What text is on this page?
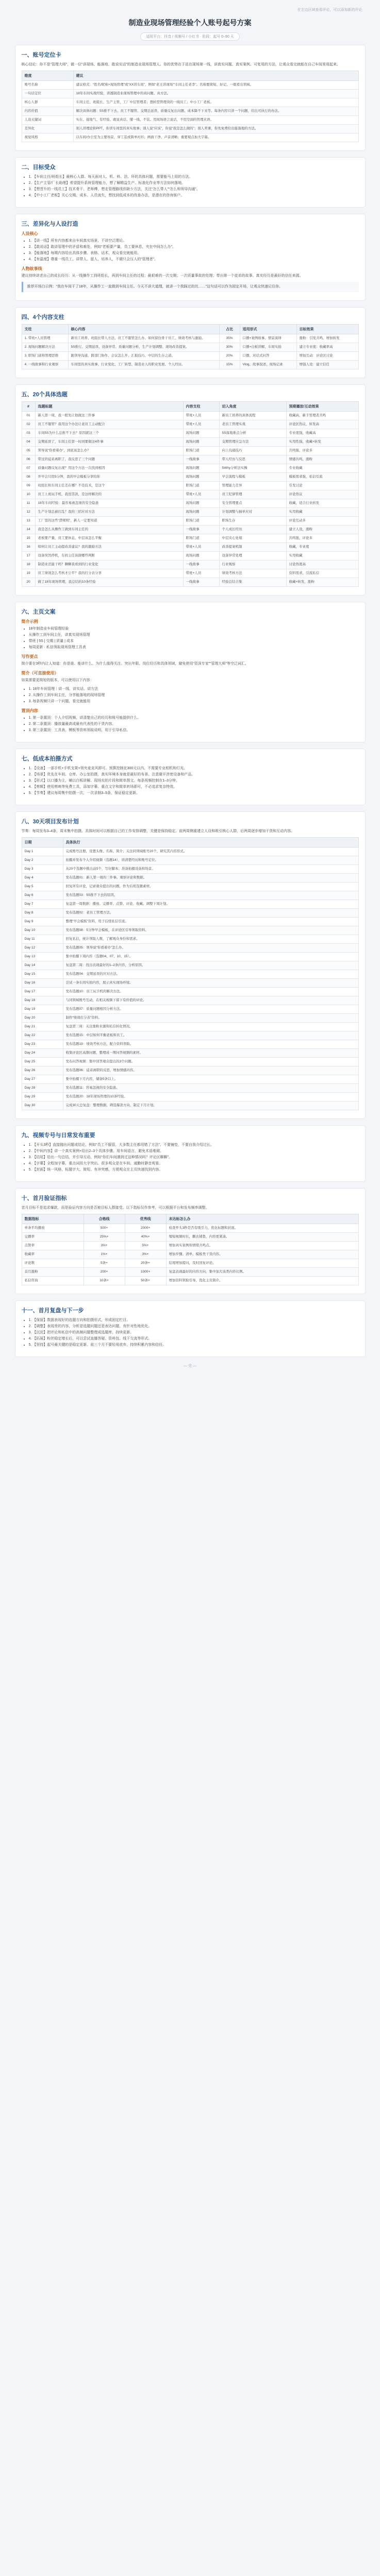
在左边区域查看评论，可以添加新的评论
制造业现场管理经验个人账号起号方案
适用平台：抖音 / 视频号 / 小红书 · 阶段：起号 0–90 天
一、账号定位卡

核心结论：你不是“管理大师”，做一位“讲现场、能落地、敢说实话”的制造业现场管理人。你的优势在于站在现场第一线，讲真实问题、真实案例、可复用的方法，让观众看完就能在自己车间里用起来。

维度	建议
账号名称	建议格式：“姓名/昵称+现场管理”或“XX讲车间”，例如“老王讲现场”“车间主任老李”。名称要简短、好记、一眼看出领域。
一句话定位	18年车间实战经验，讲透制造业现场管理中的真问题、真方法。
核心人群	车间主任、班组长、生产主管、工厂中层管理者；想转型管理岗的一线员工；中小工厂老板。
内容价值	解决具体问题：5S推不下去、员工不服管、交期总延误、质量反复出问题、成本降不下来等。每条内容只讲一个问题，给出可执行的办法。
人设关键词	实在、接地气、有经验、敢说真话、懂一线、不装。用现场语言说话，不用空洞的管理术语。
差异化	别人讲理论和PPT，你讲车间里的真实故事；别人说“应该”，你说“我是怎么做的”；别人卖课，你先免费给出能落地的方法。
视觉风格	以车间/办公室为主要场景，穿工装或简单衬衫；画面干净、声音清晰；重要观点加大字幕。
二、目标受众
• 1. 【车间主任/班组长】最核心人群。每天面对人、机、料、法、环的具体问题，需要能马上用的方法。
• 2. 【生产主管/厂长助理】希望提升系统管理能力，想了解精益生产、标准化作业等方法如何落地。
• 3. 【想晋升的一线员工】技术骨干、老师傅，想走管理路线但缺少方法，关注“怎么带人”“怎么和领导沟通”。
• 4. 【中小工厂老板】关心交期、成本、人员流失，想找到低成本的改善办法，是潜在的咨询客户。
三、差异化与人设打造
人设核心
• 1. 【讲一线】所有内容都来自车间真实场景，不讲空泛理论。
• 2. 【敢说话】敢讲管理中的矛盾和难处，例如“老板要产量，员工要休息，夹在中间怎么办”。
• 3. 【能落地】每期内容给出具体步骤、表格、话术，观众看完就能用。
• 4. 【有温度】尊重一线员工，讲带人、留人、培养人，不做只会压人的“管理者”。
人物故事线

建议持续讲述自己的成长经历：从一线操作工到班组长，再到车间主任的过程；最艰难的一次交期；一次质量事故的处理；带出第一个徒弟的故事。真实经历是最好的信任来源。

推荐开场白示例：“我在车间干了18年，从操作工一直做到车间主任。今天不讲大道理，就讲一个我踩过的坑……”这句话可以作为固定开场，让观众快速记住你。

四、4个内容支柱
支柱	核心内容	占比	适用形式	目标效果
1. 带班+人员管理	新员工培养、班组长带人方法、员工不服管怎么办、如何留住骨干员工、绩效考核与激励。	35%	口播+案例故事、情景演绎	涨粉：引发共鸣，增加转发
2. 现场问题解决方法	5S推行、交期延误、设备异常、质量问题分析、生产计划调整、现场改善提案。	30%	口播+白板讲解、车间实拍	建立专业度：收藏率高
3. 职场门道和管理思维	跟领导沟通、跨部门协作、会议怎么开、汇报技巧、中层的生存之道。	20%	口播、对话式问答	增加互动：评论区讨论
4. 一线故事和行业观察	车间里的真实故事、行业变化、工厂转型、制造业人的职业发展、个人经历。	15%	Vlog、故事叙述、现场记录	增强人设：建立信任
五、20个具体选题
#	选题标题	内容支柱	切入角度	预期播放/互动效果
01	新人第一周，我一般先让他做这三件事	带班+人员	新员工培养的具体流程	收藏高，新手管理者共鸣
02	员工不服管？我用这个办法让老员工主动配合	带班+人员	老员工管理实战	评论区热议，转发高
03	车间5S为什么总推不下去？原因就这三个	现场问题	5S落地难点分析	专业度强，收藏高
04	交期延误了，车间主任第一时间要做这4件事	现场问题	交期管理应急方法	实用性强，收藏+转发
05	领导说“你看着办”，到底该怎么办？	职场门道	向上沟通技巧	共鸣强，评论多
06	带过的徒弟离职了，我反思了三个问题	一线故事	带人经历与反思	情感共鸣，涨粉
07	质量问题反复出现？用这个方法一次找到根因	现场问题	5Why分析法实操	专业收藏
08	开早会只用5分钟，我的早会模板分享给你	现场问题	早会流程与模板	模板需求强，私信引流
09	班组长和车间主任差在哪？不是技术，是这个	职场门道	管理能力差异	引发讨论
10	员工上班玩手机，我没罚款，是这样解决的	带班+人员	员工纪律管理	评论热议
11	18年车间经验：最容易被忽视的安全隐患	现场问题	安全管理要点	收藏，适合行业转发
12	生产计划总被打乱？我的三招应对方法	现场问题	计划调整与插单应对	实用收藏
13	工厂里的这些“潜规则”，新人一定要知道	职场门道	职场生存	评论互动多
14	我是怎么从操作工做到车间主任的	一线故事	个人成长经历	建立人设，涨粉
15	老板要产量，员工要休息，中层该怎么平衡	职场门道	中层夹心处境	共鸣强，评论多
16	如何让员工主动提改善建议？我的激励方法	带班+人员	改善提案机制	收藏，专业度
17	设备突然停机，车间主任该做哪些判断	现场问题	设备异常处理	实用收藏
18	制造业还能干吗？聊聊我看到的行业变化	一线故事	行业观察	讨论热度高
19	员工绩效怎么考核才公平？我的打分表分享	带班+人员	绩效考核方法	资料需求，引流私信
20	做了18年现场管理，我总结的10条经验	一线故事	经验总结合集	收藏+转发，涨粉
六、主页文案
简介示例
• 18年制造业车间管理经验
• 从操作工到车间主任，讲真实现场管理
• 带班 | 5S | 交期 | 质量 | 成本
• 每周更新 · 私信领取现场管理工具表
写作要点

简介要在3秒内让人知道：你是谁、能讲什么、为什么值得关注。突出年限、岗位经历和具体领域，避免使用“资深专家”“管理大师”等空泛词汇。

简介（可直接使用）

如果需要更简短的版本，可以使用以下内容：

• 1. 18年车间管理｜讲一线、讲实话、讲方法
• 2. 从操作工到车间主任，分享能落地的现场管理
• 3. 每条视频只讲一个问题，看完就能用
置顶内容
• 1. 第一条置顶：个人介绍视频，讲清楚自己的经历和账号能提供什么。
• 2. 第二条置顶：播放量最高或最有代表性的干货内容。
• 3. 第三条置顶：工具表、模板等资料领取说明，用于引导私信。
七、低成本拍摄方式
• 1. 【设备】一部手机+手机支架+领夹麦克风即可。预算控制在300元以内，不需要专业相机和灯光。
• 2. 【场景】优先在车间、仓库、办公室拍摄，真实环境本身就是最好的布景。注意避开涉密设备和产品。
• 3. 【形式】以口播为主，辅以白板讲解、现场实拍片段和简单图文。每条视频控制在1–3分钟。
• 4. 【剪辑】使用剪映等免费工具，添加字幕、重点文字和简单转场即可，不必追求复杂特效。
• 5. 【节奏】建议每周集中拍摄一次，一次录制3–5条，保证稳定更新。
八、30天项目发布计划

节奏：每周发布3–4条，周末集中拍摄。具体时间可以根据自己的工作安排调整，关键是保持稳定。前两周侧重建立人设和吸引核心人群，后两周逐步增加干货和互动内容。

日期	具体执行
Day 1	完成账号注册，设置头像、名称、简介；关注同领域账号20个，研究其内容形式。
Day 2	拍摄并发布个人介绍视频（选题14），讲清楚经历和账号定位。
Day 3	从20个选题中挑出前5个，写好脚本；准备拍摄设备和场景。
Day 4	发布选题01：新人第一周的三件事。观察评论和数据。
Day 5	回复所有评论，记录观众提出的问题，作为后续选题素材。
Day 6	发布选题03：5S推不下去的原因。
Day 7	复盘第一周数据：播放、完播率、点赞、评论、收藏。调整下周计划。
Day 8	发布选题02：老员工管理方法。
Day 9	整理“早会模板”资料，用于后续私信引流。
Day 10	发布选题08：5分钟早会模板，在评论区引导领取资料。
Day 11	回复私信，统计领取人数，了解观众身份和需求。
Day 12	发布选题05：领导说“你看着办”怎么办。
Day 13	集中拍摄下周内容（选题04、07、10、15）。
Day 14	复盘第二周：找出表现最好的1–2条内容，分析原因。
Day 15	发布选题04：交期延误的应对方法。
Day 16	尝试一条车间实拍内容，展示真实现场环境。
Day 17	发布选题10：员工玩手机的解决方法。
Day 18	与同领域账号互动，在相关视频下留下有价值的评论。
Day 19	发布选题07：质量问题根因分析方法。
Day 20	制作“绩效打分表”资料。
Day 21	复盘第三周：关注涨粉来源和私信转化情况。
Day 22	发布选题15：中层如何平衡老板和员工。
Day 23	发布选题19：绩效考核方法，配合资料领取。
Day 24	收集评论区高频问题，整理成一期问答视频的素材。
Day 25	发布问答视频：集中回答观众提出的3个问题。
Day 26	发布选题06：徒弟离职的反思，增加情感内容。
Day 27	集中拍摄下月内容，储备5条以上。
Day 28	发布选题11：容易忽视的安全隐患。
Day 29	发布选题20：18年现场管理的10条经验。
Day 30	完成30天总复盘：整理数据、筛选爆款方向、制定下月计划。
九、视频专号与日常发布重要
• 1. 【开头3秒】直接抛出问题或结论，例如“员工不服管，大多数主任都用错了方法”。不要铺垫，不要自我介绍过长。
• 2. 【中间内容】讲一个真实案例+给出2–3个具体步骤。用车间语言，避免术语堆砌。
• 3. 【结尾】给出一句总结，并引导互动，例如“你们车间遇到过这种情况吗？评论区聊聊”。
• 4. 【字幕】全程加字幕，重点词用大字突出。很多观众是在车间、通勤时静音观看。
• 5. 【封面】统一风格，标题字大、简短、有冲突感，方便观众在主页快速找到内容。
十、首月验证指标

首月目标不是追求爆款，而是验证内容方向是否被目标人群接受。以下指标仅作参考，可以根据平台和发布频率调整。

数据指标	合格线	优秀线	未达标怎么办
单条平均播放	500+	2000+	检查开头3秒是否有吸引力，优化标题和封面。
完播率	25%+	40%+	缩短视频时长，删去铺垫，内容更紧凑。
点赞率	3%+	5%+	增加真实案例和情绪共鸣点。
收藏率	1%+	3%+	增加步骤、清单、模板类干货内容。
评论数	5条+	20条+	结尾增加提问，及时回复评论。
首月涨粉	200+	1000+	复盘表现最好的内容方向，集中加大该类内容比例。
私信咨询	10条+	50条+	增加资料领取引导，优化主页简介。
十一、首月复盘与下一步
• 1. 【保留】数据表现好的选题方向和拍摄形式，形成固定栏目。
• 2. 【调整】表现差的内容，分析是选题问题还是表达问题，有针对性地优化。
• 3. 【沉淀】把评论和私信中的高频问题整理成选题库，持续更新。
• 4. 【拓展】粉丝稳定增长后，可以尝试直播答疑、资料包、线下交流等形式。
• 5. 【坚持】起号最关键的是稳定更新。前三个月不要轻易放弃，持续积累内容和信任。
— 完 —
